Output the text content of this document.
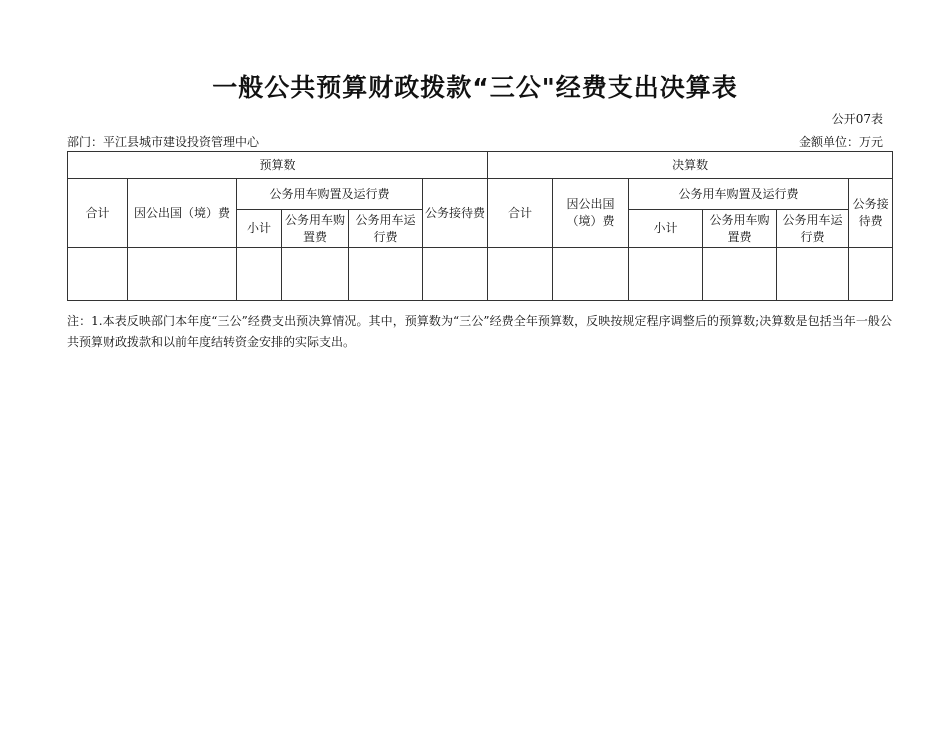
一般公共预算财政拨款“三公"经费支出决算表
公开07表
部门：平江县城市建设投资管理中心	金额单位：万元
预算数						决算数					
合计	因公出国（境）费	公务用车购置及运行费			公务接待费	合计	因公出国（境）费	公务用车购置及运行费			公务接待费
		小计	公务用车购置费	公务用车运行费				小计	公务用车购置费	公务用车运行费	

注：1.本表反映部门本年度“三公”经费支出预决算情况。其中，预算数为“三公”经费全年预算数，反映按规定程序调整后的预算数;决算数是包括当年一般公共预算财政拨款和以前年度结转资金安排的实际支出。
